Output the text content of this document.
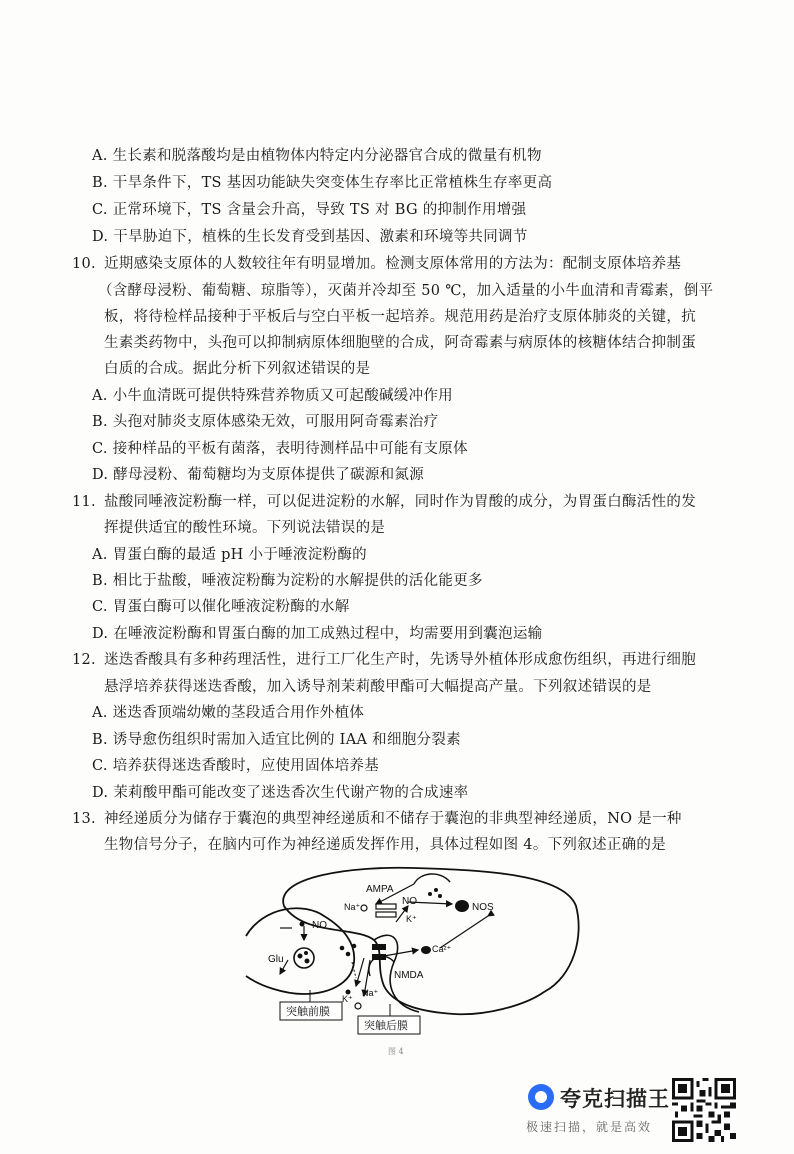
A. 生长素和脱落酸均是由植物体内特定内分泌器官合成的微量有机物
B. 干旱条件下，TS 基因功能缺失突变体生存率比正常植株生存率更高
C. 正常环境下，TS 含量会升高，导致 TS 对 BG 的抑制作用增强
D. 干旱胁迫下，植株的生长发育受到基因、激素和环境等共同调节
10. 近期感染支原体的人数较往年有明显增加。检测支原体常用的方法为：配制支原体培养基
（含酵母浸粉、葡萄糖、琼脂等），灭菌并冷却至 50 ℃，加入适量的小牛血清和青霉素，倒平
板，将待检样品接种于平板后与空白平板一起培养。规范用药是治疗支原体肺炎的关键，抗
生素类药物中，头孢可以抑制病原体细胞壁的合成，阿奇霉素与病原体的核糖体结合抑制蛋
白质的合成。据此分析下列叙述错误的是
A. 小牛血清既可提供特殊营养物质又可起酸碱缓冲作用
B. 头孢对肺炎支原体感染无效，可服用阿奇霉素治疗
C. 接种样品的平板有菌落，表明待测样品中可能有支原体
D. 酵母浸粉、葡萄糖均为支原体提供了碳源和氮源
11. 盐酸同唾液淀粉酶一样，可以促进淀粉的水解，同时作为胃酸的成分，为胃蛋白酶活性的发
挥提供适宜的酸性环境。下列说法错误的是
A. 胃蛋白酶的最适 pH 小于唾液淀粉酶的
B. 相比于盐酸，唾液淀粉酶为淀粉的水解提供的活化能更多
C. 胃蛋白酶可以催化唾液淀粉酶的水解
D. 在唾液淀粉酶和胃蛋白酶的加工成熟过程中，均需要用到囊泡运输
12. 迷迭香酸具有多种药理活性，进行工厂化生产时，先诱导外植体形成愈伤组织，再进行细胞
悬浮培养获得迷迭香酸，加入诱导剂茉莉酸甲酯可大幅提高产量。下列叙述错误的是
A. 迷迭香顶端幼嫩的茎段适合用作外植体
B. 诱导愈伤组织时需加入适宜比例的 IAA 和细胞分裂素
C. 培养获得迷迭香酸时，应使用固体培养基
D. 茉莉酸甲酯可能改变了迷迭香次生代谢产物的合成速率
13. 神经递质分为储存于囊泡的典型神经递质和不储存于囊泡的非典型神经递质，NO 是一种
生物信号分子，在脑内可作为神经递质发挥作用，具体过程如图 4。下列叙述正确的是
AMPA
NO
Na⁺
K⁺
NOS
NO
Glu
Ca²⁺
NMDA
K⁺
Na⁺
突触前膜
突触后膜
图 4
夸克扫描王
极速扫描，就是高效
